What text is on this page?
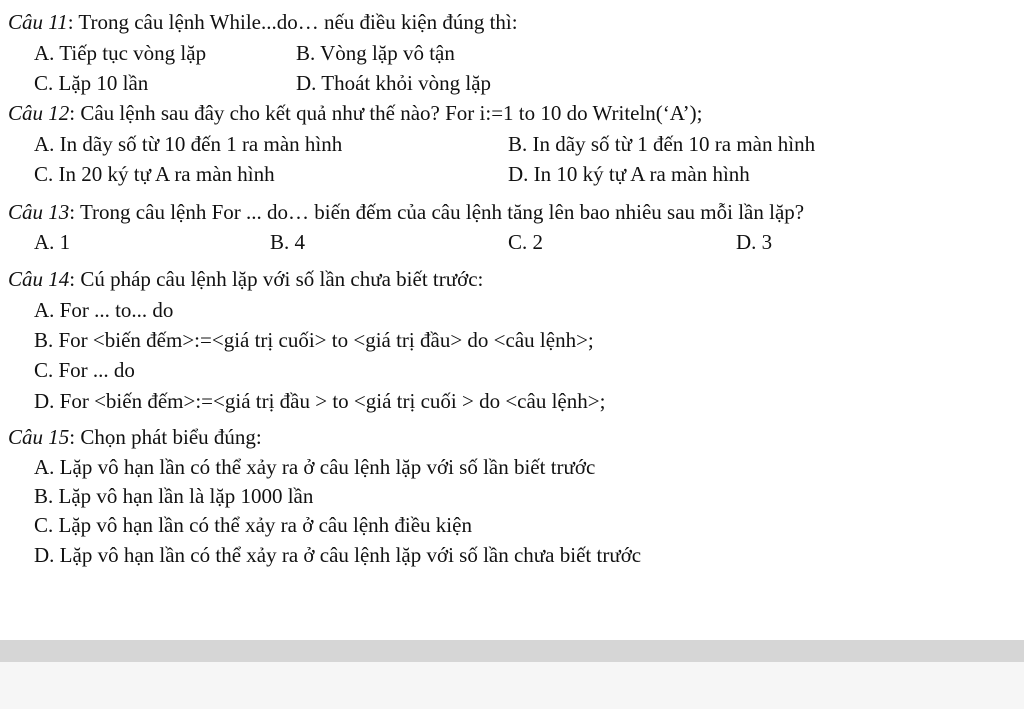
Câu 11: Trong câu lệnh While...do… nếu điều kiện đúng thì:
A. Tiếp tục vòng lặp	B. Vòng lặp vô tận
C. Lặp 10 lần	D. Thoát khỏi vòng lặp
Câu 12: Câu lệnh sau đây cho kết quả như thế nào? For i:=1 to 10 do Writeln(‘A’);
A. In dãy số từ 10 đến 1 ra màn hình	B. In dãy số từ 1 đến 10 ra màn hình
C. In 20 ký tự A ra màn hình	D. In 10 ký tự A ra màn hình
Câu 13: Trong câu lệnh For ... do… biến đếm của câu lệnh tăng lên bao nhiêu sau mỗi lần lặp?
A. 1	B. 4	C. 2	D. 3
Câu 14: Cú pháp câu lệnh lặp với số lần chưa biết trước:
A. For ... to... do
B. For <biến đếm>:=<giá trị cuối> to <giá trị đầu> do <câu lệnh>;
C. For ... do
D. For <biến đếm>:=<giá trị đầu > to <giá trị cuối > do <câu lệnh>;
Câu 15: Chọn phát biểu đúng:
A. Lặp vô hạn lần có thể xảy ra ở câu lệnh lặp với số lần biết trước
B. Lặp vô hạn lần là lặp 1000 lần
C. Lặp vô hạn lần có thể xảy ra ở câu lệnh điều kiện
D. Lặp vô hạn lần có thể xảy ra ở câu lệnh lặp với số lần chưa biết trước
